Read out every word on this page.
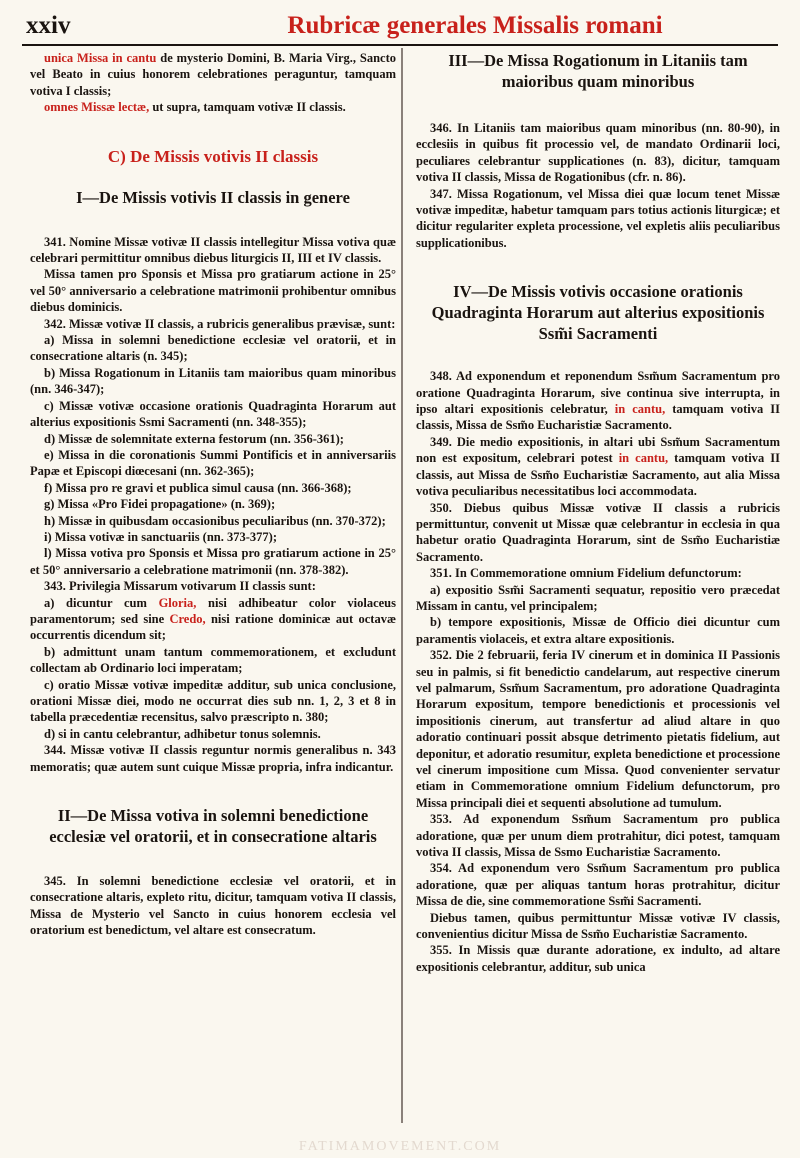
xxiv	Rubricæ generales Missalis romani

unica Missa in cantu de mysterio Domini, B. Maria Virg., Sancto vel Beato in cuius honorem celebrationes peraguntur, tamquam votiva I classis;

omnes Missæ lectæ, ut supra, tamquam votivæ II classis.

C) De Missis votivis II classis
I—De Missis votivis II classis in genere

341. Nomine Missæ votivæ II classis intellegitur Missa votiva quæ celebrari permittitur omnibus diebus liturgicis II, III et IV classis.

Missa tamen pro Sponsis et Missa pro gratiarum actione in 25° vel 50° anniversario a celebratione matrimonii prohibentur omnibus diebus dominicis.

342. Missæ votivæ II classis, a rubricis generalibus prævisæ, sunt:

a) Missa in solemni benedictione ecclesiæ vel oratorii, et in consecratione altaris (n. 345);

b) Missa Rogationum in Litaniis tam maioribus quam minoribus (nn. 346-347);

c) Missæ votivæ occasione orationis Quadraginta Horarum aut alterius expositionis Ssmi Sacramenti (nn. 348-355);

d) Missæ de solemnitate externa festorum (nn. 356-361);

e) Missa in die coronationis Summi Pontificis et in anniversariis Papæ et Episcopi diœcesani (nn. 362-365);

f) Missa pro re gravi et publica simul causa (nn. 366-368);

g) Missa «Pro Fidei propagatione» (n. 369);

h) Missæ in quibusdam occasionibus peculiaribus (nn. 370-372);

i) Missa votivæ in sanctuariis (nn. 373-377);

l) Missa votiva pro Sponsis et Missa pro gratiarum actione in 25° et 50° anniversario a celebratione matrimonii (nn. 378-382).

343. Privilegia Missarum votivarum II classis sunt:

a) dicuntur cum Gloria, nisi adhibeatur color violaceus paramentorum; sed sine Credo, nisi ratione dominicæ aut octavæ occurrentis dicendum sit;

b) admittunt unam tantum commemorationem, et excludunt collectam ab Ordinario loci imperatam;

c) oratio Missæ votivæ impeditæ additur, sub unica conclusione, orationi Missæ diei, modo ne occurrat dies sub nn. 1, 2, 3 et 8 in tabella præcedentiæ recensitus, salvo præscripto n. 380;

d) si in cantu celebrantur, adhibetur tonus solemnis.

344. Missæ votivæ II classis reguntur normis generalibus n. 343 memoratis; quæ autem sunt cuique Missæ propria, infra indicantur.

II—De Missa votiva in solemni benedictione ecclesiæ vel oratorii, et in consecratione altaris

345. In solemni benedictione ecclesiæ vel oratorii, et in consecratione altaris, expleto ritu, dicitur, tamquam votiva II classis, Missa de Mysterio vel Sancto in cuius honorem ecclesia vel oratorium est benedictum, vel altare est consecratum.

III—De Missa Rogationum in Litaniis tam maioribus quam minoribus

346. In Litaniis tam maioribus quam minoribus (nn. 80-90), in ecclesiis in quibus fit processio vel, de mandato Ordinarii loci, peculiares celebrantur supplicationes (n. 83), dicitur, tamquam votiva II classis, Missa de Rogationibus (cfr. n. 86).

347. Missa Rogationum, vel Missa diei quæ locum tenet Missæ votivæ impeditæ, habetur tamquam pars totius actionis liturgicæ; et dicitur regulariter expleta processione, vel expletis aliis peculiaribus supplicationibus.

IV—De Missis votivis occasione orationis Quadraginta Horarum aut alterius expositionis Ssm̃i Sacramenti

348. Ad exponendum et reponendum Ssm̃um Sacramentum pro oratione Quadraginta Horarum, sive continua sive interrupta, in ipso altari expositionis celebratur, in cantu, tamquam votiva II classis, Missa de Ssm̃o Eucharistiæ Sacramento.

349. Die medio expositionis, in altari ubi Ssm̃um Sacramentum non est expositum, celebrari potest in cantu, tamquam votiva II classis, aut Missa de Ssm̃o Eucharistiæ Sacramento, aut alia Missa votiva peculiaribus necessitatibus loci accommodata.

350. Diebus quibus Missæ votivæ II classis a rubricis permittuntur, convenit ut Missæ quæ celebrantur in ecclesia in qua habetur oratio Quadraginta Horarum, sint de Ssm̃o Eucharistiæ Sacramento.

351. In Commemoratione omnium Fidelium defunctorum:

a) expositio Ssm̃i Sacramenti sequatur, repositio vero præcedat Missam in cantu, vel principalem;

b) tempore expositionis, Missæ de Officio diei dicuntur cum paramentis violaceis, et extra altare expositionis.

352. Die 2 februarii, feria IV cinerum et in dominica II Passionis seu in palmis, si fit benedictio candelarum, aut respective cinerum vel palmarum, Ssm̃um Sacramentum, pro adoratione Quadraginta Horarum expositum, tempore benedictionis et processionis vel impositionis cinerum, aut transfertur ad aliud altare in quo adoratio continuari possit absque detrimento pietatis fidelium, aut deponitur, et adoratio resumitur, expleta benedictione et processione vel cinerum impositione cum Missa. Quod convenienter servatur etiam in Commemoratione omnium Fidelium defunctorum, pro Missa principali diei et sequenti absolutione ad tumulum.

353. Ad exponendum Ssm̃um Sacramentum pro publica adoratione, quæ per unum diem protrahitur, dici potest, tamquam votiva II classis, Missa de Ssmo Eucharistiæ Sacramento.

354. Ad exponendum vero Ssm̃um Sacramentum pro publica adoratione, quæ per aliquas tantum horas protrahitur, dicitur Missa de die, sine commemoratione Ssm̃i Sacramenti.

Diebus tamen, quibus permittuntur Missæ votivæ IV classis, convenientius dicitur Missa de Ssm̃o Eucharistiæ Sacramento.

355. In Missis quæ durante adoratione, ex indulto, ad altare expositionis celebrantur, additur, sub unica

FATIMAMOVEMENT.COM
